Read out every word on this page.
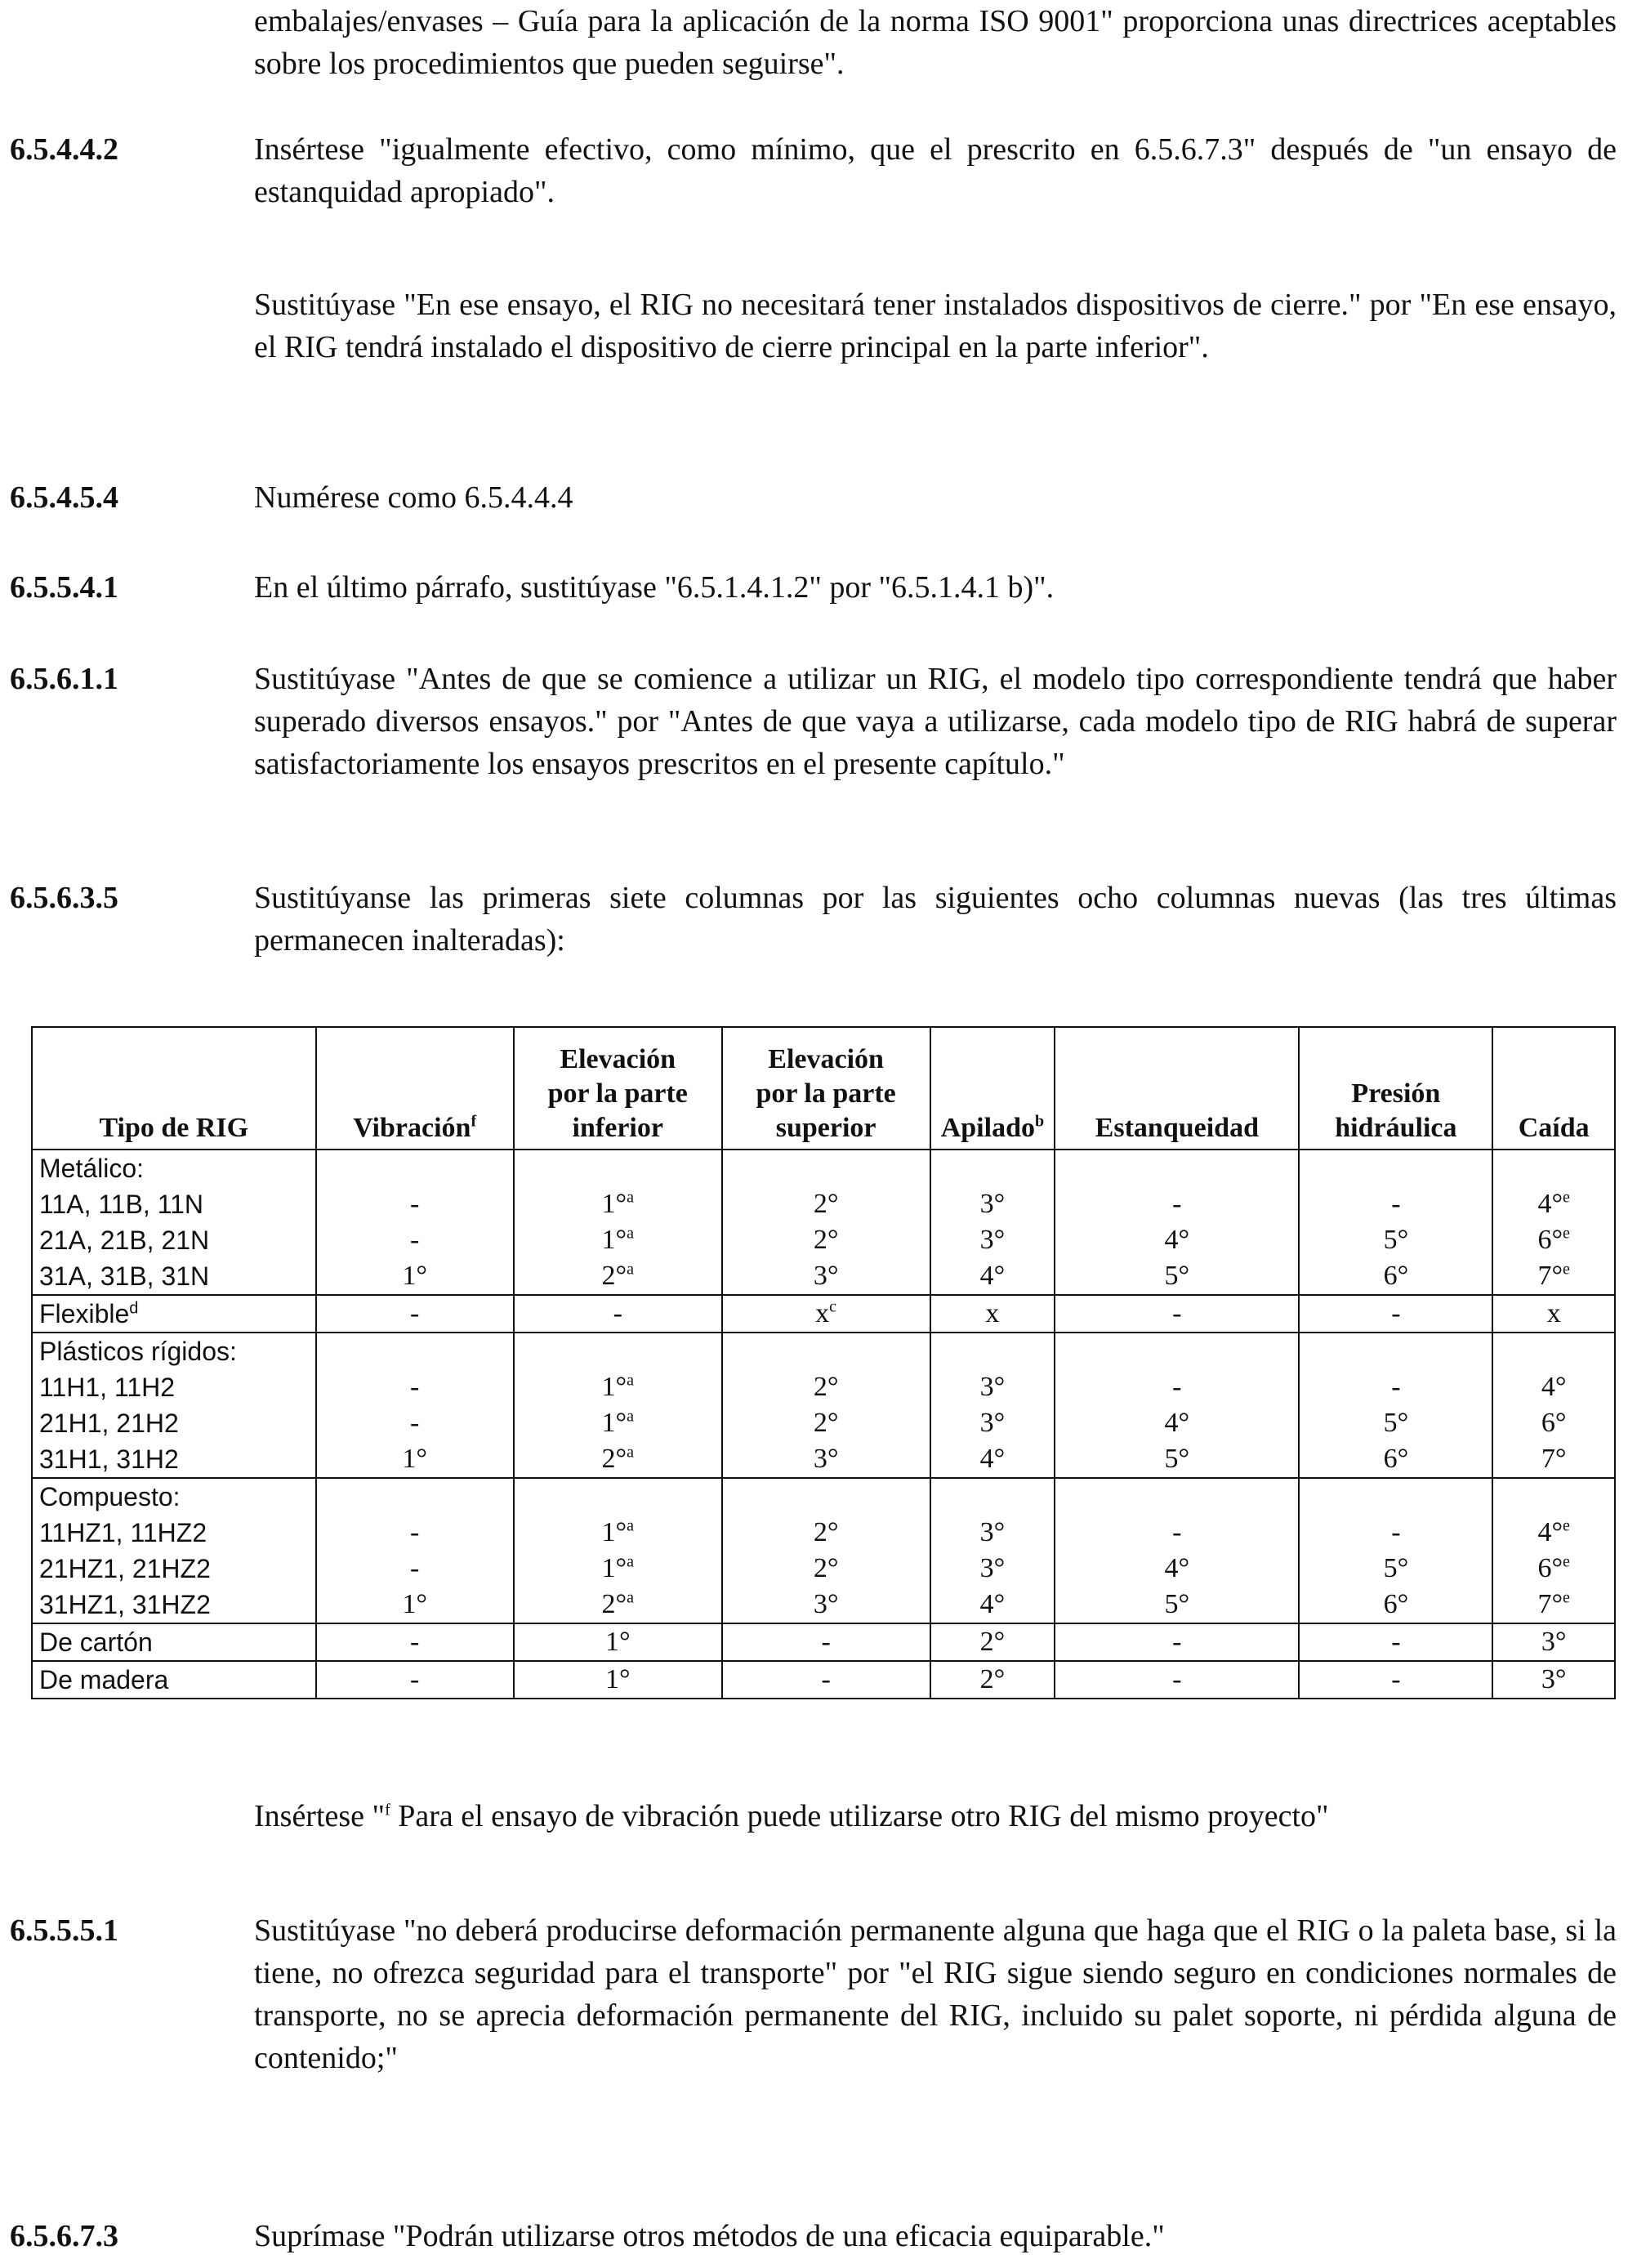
embalajes/envases – Guía para la aplicación de la norma ISO 9001" proporciona unas directrices aceptables sobre los procedimientos que pueden seguirse".

6.5.4.4.2	Insértese "igualmente efectivo, como mínimo, que el prescrito en 6.5.6.7.3" después de "un ensayo de estanquidad apropiado".

Sustitúyase "En ese ensayo, el RIG no necesitará tener instalados dispositivos de cierre." por "En ese ensayo, el RIG tendrá instalado el dispositivo de cierre principal en la parte inferior".

6.5.4.5.4	Numérese como 6.5.4.4.4

6.5.5.4.1	En el último párrafo, sustitúyase "6.5.1.4.1.2" por "6.5.1.4.1 b)".

6.5.6.1.1	Sustitúyase "Antes de que se comience a utilizar un RIG, el modelo tipo correspondiente tendrá que haber superado diversos ensayos." por "Antes de que vaya a utilizarse, cada modelo tipo de RIG habrá de superar satisfactoriamente los ensayos prescritos en el presente capítulo."

6.5.6.3.5	Sustitúyanse las primeras siete columnas por las siguientes ocho columnas nuevas (las tres últimas permanecen inalteradas):

Tipo de RIG	Vibración$^f$	Elevación
por la parte
inferior	Elevación
por la parte
superior	Apilado$^b$	Estanqueidad	Presión
hidráulica	Caída
Metálico:							
11A, 11B, 11N	-	1°$^a$	2°	3°	-	-	4°$^e$
21A, 21B, 21N	-	1°$^a$	2°	3°	4°	5°	6°$^e$
31A, 31B, 31N	1°	2°$^a$	3°	4°	5°	6°	7°$^e$
Flexible$^d$	-	-	$x^c$	x	-	-	x
Plásticos rígidos:							
11H1, 11H2	-	1°$^a$	2°	3°	-	-	4°
21H1, 21H2	-	1°$^a$	2°	3°	4°	5°	6°
31H1, 31H2	1°	2°$^a$	3°	4°	5°	6°	7°
Compuesto:							
11HZ1, 11HZ2	-	1°$^a$	2°	3°	-	-	4°$^e$
21HZ1, 21HZ2	-	1°$^a$	2°	3°	4°	5°	6°$^e$
31HZ1, 31HZ2	1°	2°$^a$	3°	4°	5°	6°	7°$^e$
De cartón	-	1°	-	2°	-	-	3°
De madera	-	1°	-	2°	-	-	3°

Insértese "$^f$ Para el ensayo de vibración puede utilizarse otro RIG del mismo proyecto"

6.5.5.5.1	Sustitúyase "no deberá producirse deformación permanente alguna que haga que el RIG o la paleta base, si la tiene, no ofrezca seguridad para el transporte" por "el RIG sigue siendo seguro en condiciones normales de transporte, no se aprecia deformación permanente del RIG, incluido su palet soporte, ni pérdida alguna de contenido;"

6.5.6.7.3	Suprímase "Podrán utilizarse otros métodos de una eficacia equiparable."
